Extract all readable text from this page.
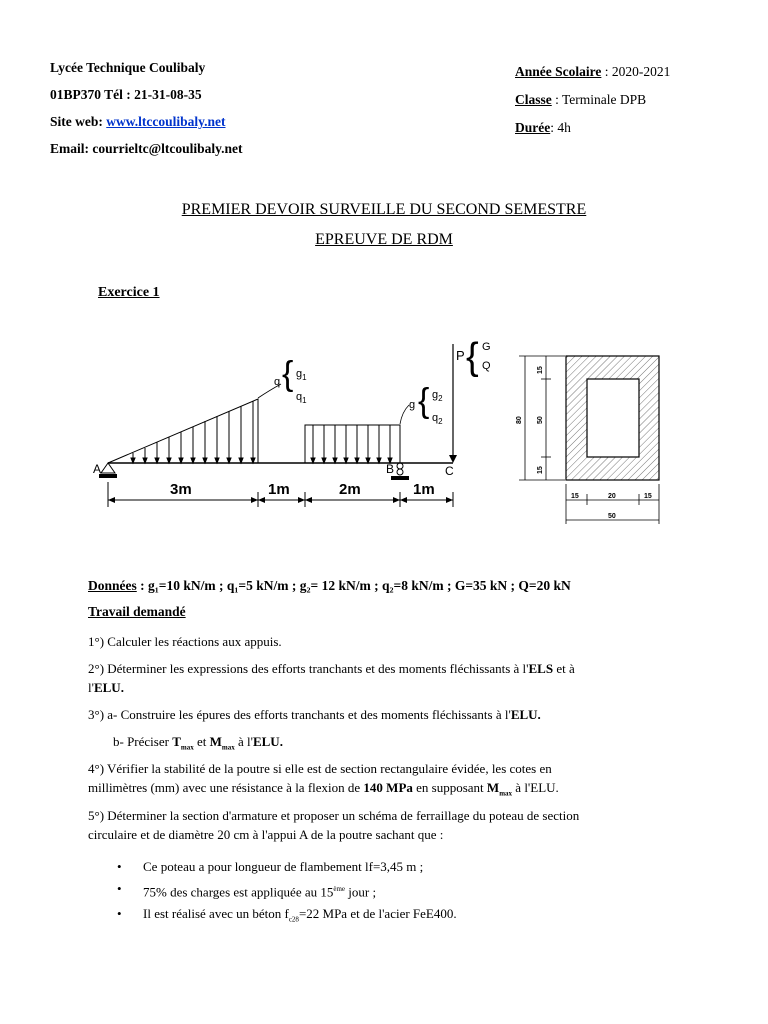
Lycée Technique Coulibaly
01BP370 Tél : 21-31-08-35
Site web: www.ltccoulibaly.net
Email: courrieltc@ltcoulibaly.net
Année Scolaire : 2020-2021
Classe : Terminale DPB
Durée: 4h
PREMIER DEVOIR SURVEILLE DU SECOND SEMESTRE
EPREUVE DE RDM
Exercice 1
q { $g_1$
$q_1$	g { $g_2$
$q_2$
P { G
Q
A	B	C
3m	1m	2m	1m
15
50
15
80
15	20	15
50
Données : g₁=10 kN/m ; q₁=5 kN/m ; g₂= 12 kN/m ; q₂=8 kN/m ; G=35 kN ; Q=20 kN
Travail demandé
1°) Calculer les réactions aux appuis.
2°) Déterminer les expressions des efforts tranchants et des moments fléchissants à l'ELS et à
l'ELU.
3°) a- Construire les épures des efforts tranchants et des moments fléchissants à l'ELU.
b- Préciser $T_{max}$ et $M_{max}$ à l'ELU.
4°) Vérifier la stabilité de la poutre si elle est de section rectangulaire évidée, les cotes en
millimètres (mm) avec une résistance à la flexion de 140 MPa en supposant $M_{max}$ à l'ELU.
5°) Déterminer la section d'armature et proposer un schéma de ferraillage du poteau de section
circulaire et de diamètre 20 cm à l'appui A de la poutre sachant que :
• Ce poteau a pour longueur de flambement lf=3,45 m ;
• 75% des charges est appliquée au 15ème jour ;
• Il est réalisé avec un béton $f_{c28}=22$ MPa et de l'acier FeE400.
